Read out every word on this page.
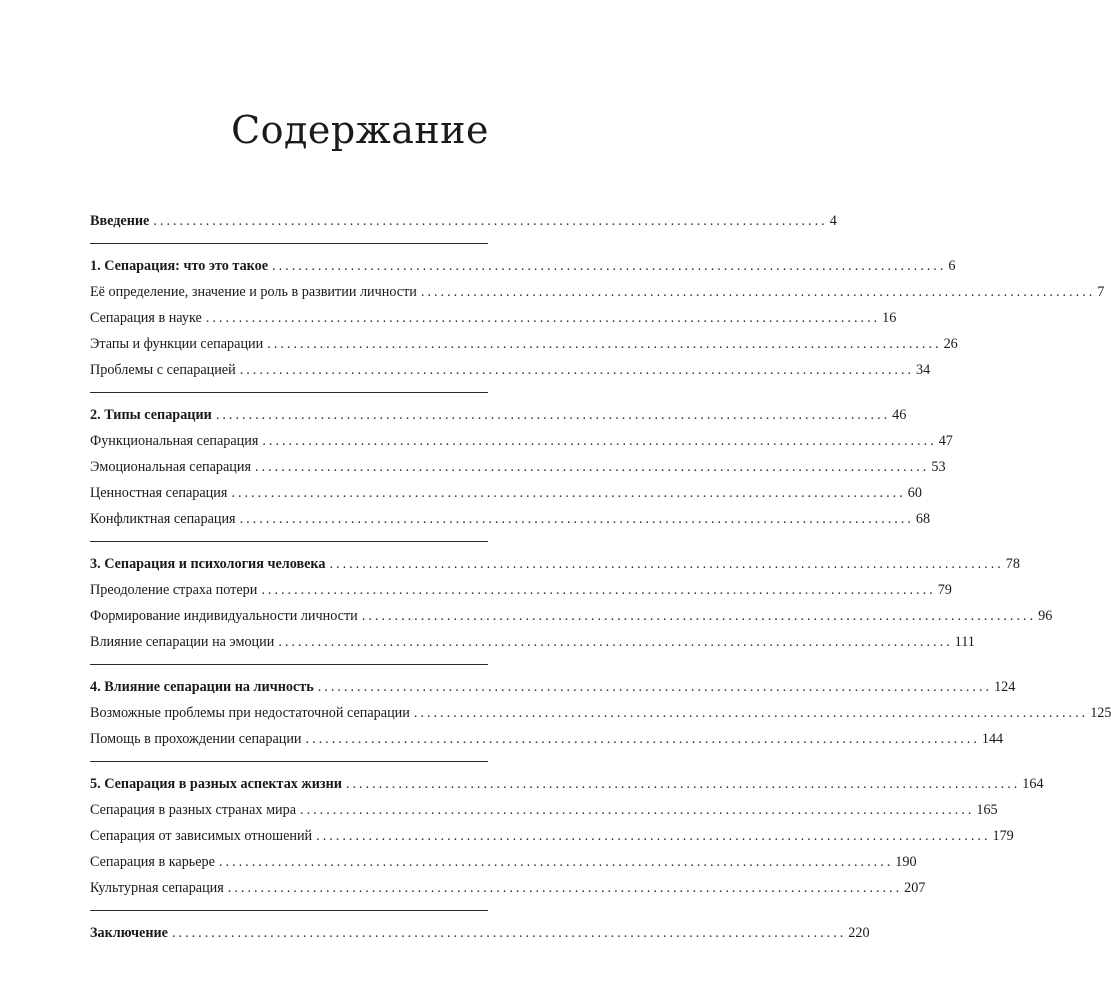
Содержание
Введение ....................................................................................................... 4
1. Сепарация: что это такое ....................................................................................................... 6
Её определение, значение и роль в развитии личности ....................................................................................................... 7
Сепарация в науке ....................................................................................................... 16
Этапы и функции сепарации ....................................................................................................... 26
Проблемы с сепарацией ....................................................................................................... 34
2. Типы сепарации ....................................................................................................... 46
Функциональная сепарация ....................................................................................................... 47
Эмоциональная сепарация ....................................................................................................... 53
Ценностная сепарация ....................................................................................................... 60
Конфликтная сепарация ....................................................................................................... 68
3. Сепарация и психология человека ....................................................................................................... 78
Преодоление страха потери ....................................................................................................... 79
Формирование индивидуальности личности ....................................................................................................... 96
Влияние сепарации на эмоции ....................................................................................................... 111
4. Влияние сепарации на личность ....................................................................................................... 124
Возможные проблемы при недостаточной сепарации ....................................................................................................... 125
Помощь в прохождении сепарации ....................................................................................................... 144
5. Сепарация в разных аспектах жизни ....................................................................................................... 164
Сепарация в разных странах мира ....................................................................................................... 165
Сепарация от зависимых отношений ....................................................................................................... 179
Сепарация в карьере ....................................................................................................... 190
Культурная сепарация ....................................................................................................... 207
Заключение ....................................................................................................... 220
